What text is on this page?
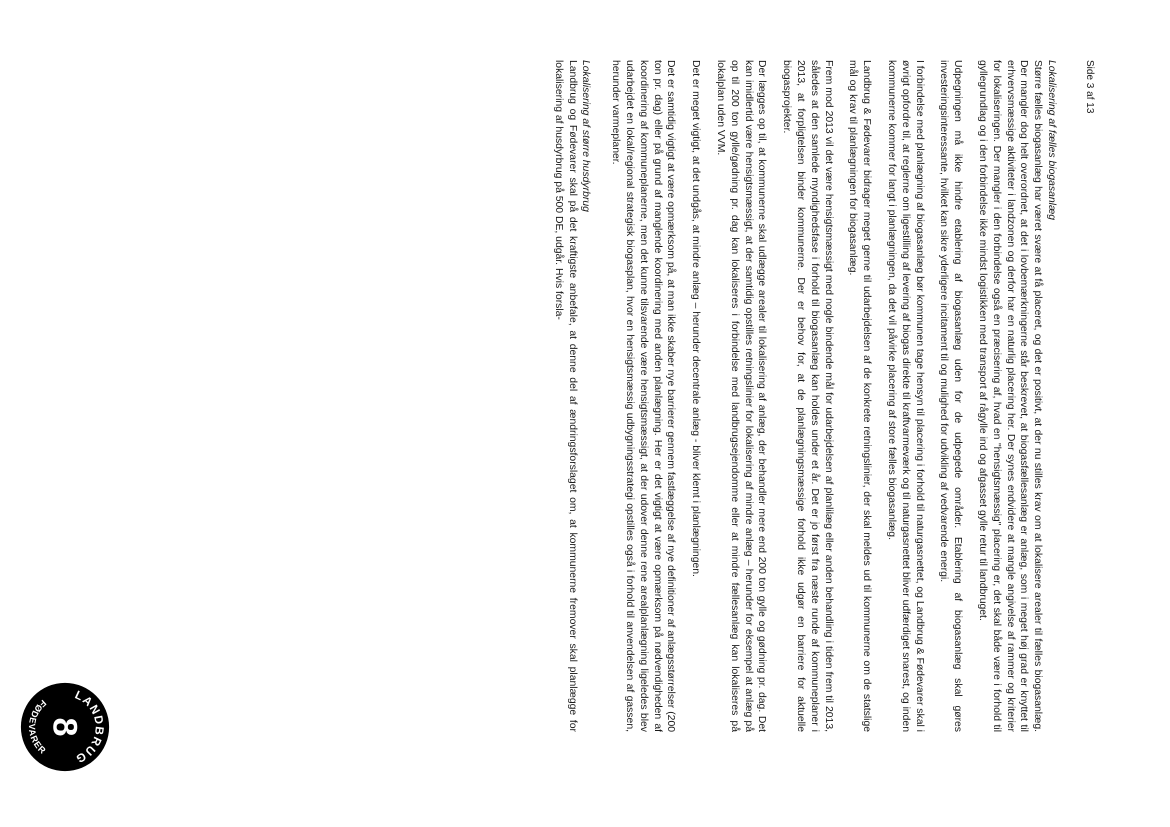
Side 3 af 13

Lokalisering af fælles biogasanlæg

Større fælles biogasanlæg har været svære at få placeret, og det er positivt, at der nu stilles krav om at lokalisere arealer til fælles biogasanlæg. Der mangler dog helt overordnet, at det i lovbemærkningerne står beskrevet, at biogasfællesanlæg er anlæg, som i meget høj grad er knyttet til erhvervsmæssige aktiviteter i landzonen og derfor har en naturlig placering her. Der synes endvidere at mangle angivelse af rammer og kriterier for lokaliseringen. Der mangler i den forbindelse også en præcisering af, hvad en "hensigtsmæssig" placering er, det skal både være i forhold til gyllegrundlag og i den forbindelse ikke mindst logistikken med transport af rågylle ind og afgasset gylle retur til landbruget.

Udpegningen må ikke hindre etablering af biogasanlæg uden for de udpegede områder. Etablering af biogasanlæg skal gøres investeringsinteressante, hvilket kan sikre yderligere incitament til og mulighed for udvikling af vedvarende energi.

I forbindelse med planlægning af biogasanlæg bør kommunen tage hensyn til placering i forhold til naturgasnettet, og Landbrug & Fødevarer skal i øvrigt opfordre til, at reglerne om ligestilling af levering af biogas direkte til kraftvarmeværk og til naturgasnettet bliver udfærdiget snarest, og inden kommunerne kommer for langt i planlægningen, da det vil påvirke placering af store fælles biogasanlæg.

Landbrug & Fødevarer bidrager meget gerne til udarbejdelsen af de konkrete retningslinier, der skal meldes ud til kommunerne om de statslige mål og krav til planlægningen for biogasanlæg.

Frem mod 2013 vil det være hensigtsmæssigt med nogle bindende mål for udarbejdelsen af planlilæg eller anden behandling i tiden frem til 2013, således at den samlede myndighedsfase i forhold til biogasanlæg kan holdes under et år. Det er jo først fra næste runde af kommuneplaner i 2013, at forpligtelsen binder kommunerne. Der er behov for, at de planlægningsmæssige forhold ikke udgør en barriere for aktuelle biogasprojekter.

Der lægges op til, at kommunerne skal udlægge arealer til lokalisering af anlæg, der behandler mere end 200 ton gylle og gødning pr. dag. Det kan imidlertid være hensigtsmæssigt, at der samtidig opstilles retningslinier for lokalisering af mindre anlæg – herunder for eksempel at anlæg på op til 200 ton gylle/gødning pr. dag kan lokaliseres i forbindelse med landbrugsejendomme eller at mindre fællesanlæg kan lokaliseres på lokalplan uden VVM.

Det er meget vigtigt, at det undgås, at mindre anlæg – herunder decentrale anlæg - bliver klemt i planlægningen.

Det er samtidig vigtigt at være opmærksom på, at man ikke skaber nye barrierer gennem fastlæggelse af nye definitioner af anlægsstørrelser (200 ton pr. dag) eller på grund af manglende koordinering med anden planlægning. Her er det vigtigt at være opmærksom på nødvendigheden af koordinering af kommuneplanerne, men det kunne tilsvarende være hensigtsmæssigt, at der udover denne rene arealplanlægning ligeledes blev udarbejdet en lokal/regional strategisk biogasplan, hvor en hensigtsmæssig udbygningsstrategi opstilles også i forhold til anvendelsen af gassen, herunder varmeplaner.

Lokalisering af større husdyrbrug

Landbrug og Fødevarer skal på det kraftigste anbefale, at denne del af ændringsforslaget om, at kommunerne fremover skal planlægge for lokalisering af husdyrbrug på 500 DE, udgår. Hvis forsla-

LANDBRUG
FØDEVARER
8
